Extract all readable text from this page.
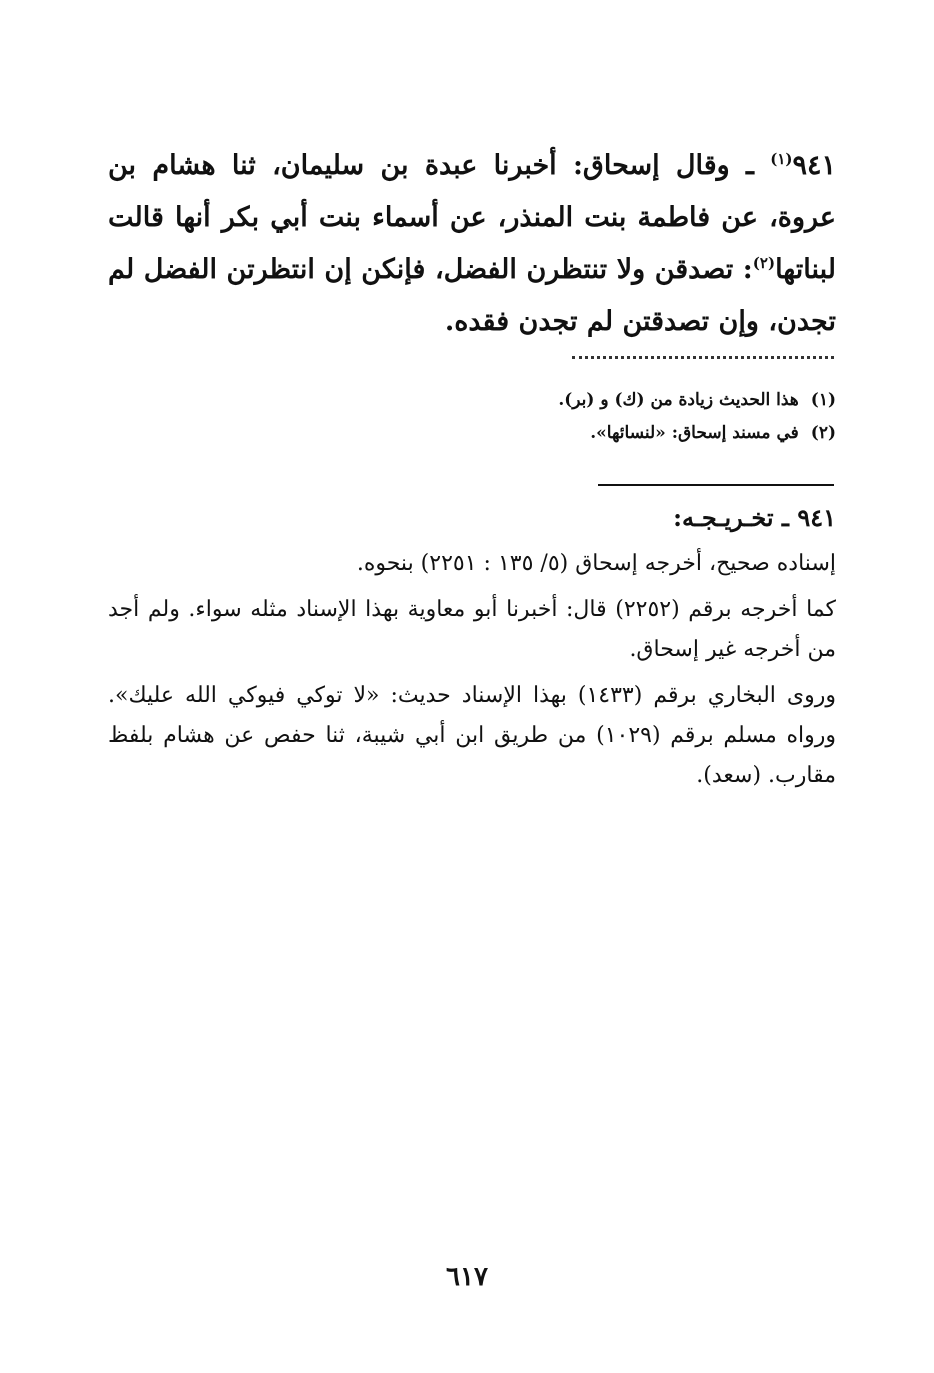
٩٤١$^{(١)}$ ـ وقال إسحاق: أخبرنا عبدة بن سليمان، ثنا هشام بن عروة، عن فاطمة بنت المنذر، عن أسماء بنت أبي بكر أنها قالت لبناتها$^{(٢)}$: تصدقن ولا تنتظرن الفضل، فإنكن إن انتظرتن الفضل لم تجدن، وإن تصدقتن لم تجدن فقده.

(١)هذا الحديث زيادة من (ك) و (بر).

(٢)في مسند إسحاق: «لنسائها».

٩٤١ ـ تخـريـجـه:

إسناده صحيح، أخرجه إسحاق (٥/ ١٣٥ : ٢٢٥١) بنحوه.

كما أخرجه برقم (٢٢٥٢) قال: أخبرنا أبو معاوية بهذا الإسناد مثله سواء. ولم أجد من أخرجه غير إسحاق.

وروى البخاري برقم (١٤٣٣) بهذا الإسناد حديث: «لا توكي فيوكي الله عليك». ورواه مسلم برقم (١٠٢٩) من طريق ابن أبي شيبة، ثنا حفص عن هشام بلفظ مقارب. (سعد).

٦١٧
